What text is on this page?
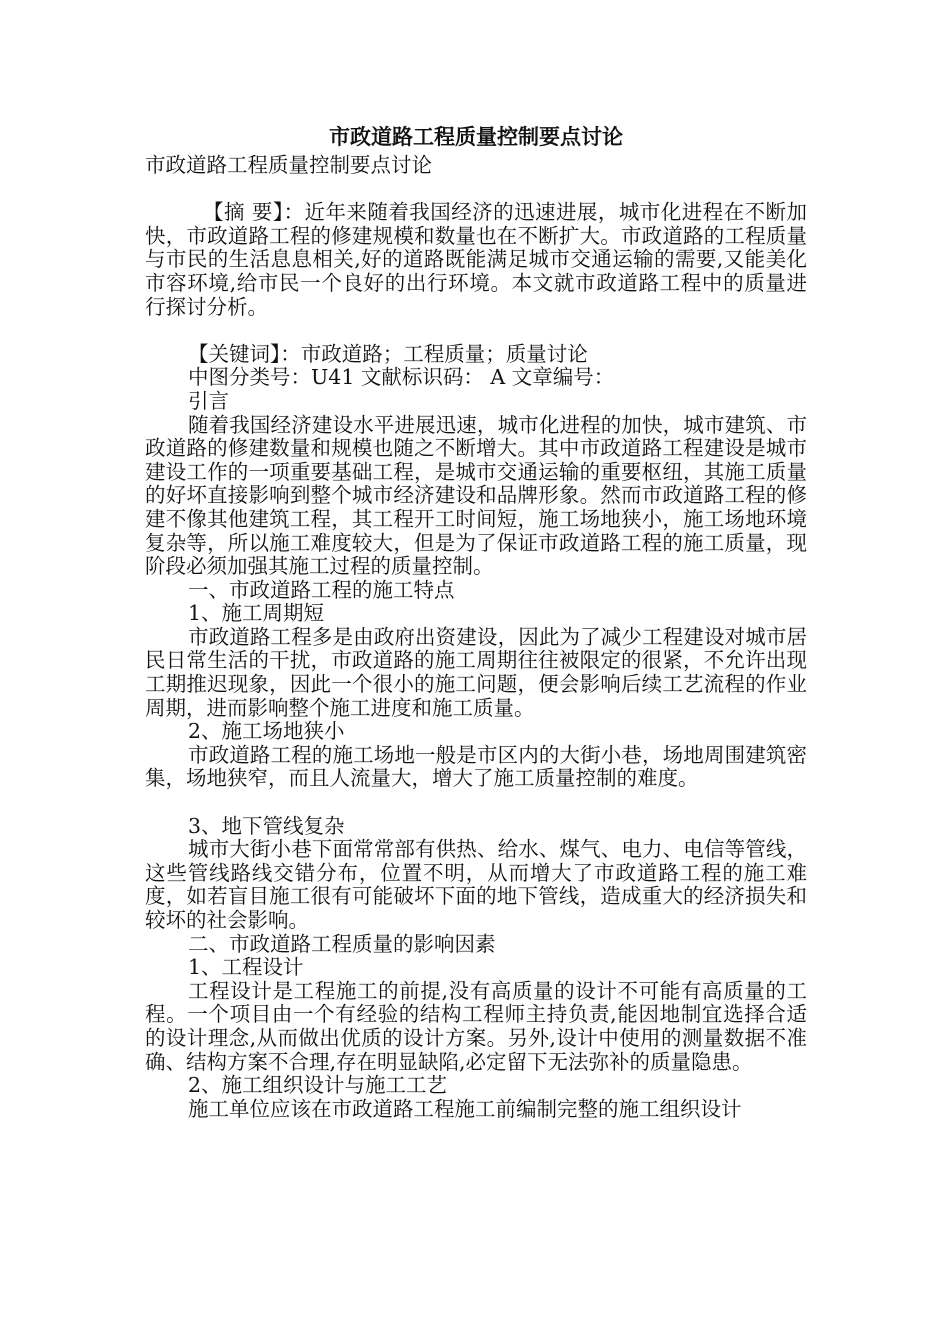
市政道路工程质量控制要点讨论

市政道路工程质量控制要点讨论

【摘 要】：近年来随着我国经济的迅速进展，城市化进程在不断加快，市政道路工程的修建规模和数量也在不断扩大。市政道路的工程质量与市民的生活息息相关,好的道路既能满足城市交通运输的需要,又能美化市容环境,给市民一个良好的出行环境。本文就市政道路工程中的质量进行探讨分析。

【关键词】：市政道路；工程质量；质量讨论

中图分类号：U41 文献标识码： A 文章编号：

引言

随着我国经济建设水平进展迅速，城市化进程的加快，城市建筑、市政道路的修建数量和规模也随之不断增大。其中市政道路工程建设是城市建设工作的一项重要基础工程，是城市交通运输的重要枢纽，其施工质量的好坏直接影响到整个城市经济建设和品牌形象。然而市政道路工程的修建不像其他建筑工程，其工程开工时间短，施工场地狭小，施工场地环境复杂等，所以施工难度较大，但是为了保证市政道路工程的施工质量，现阶段必须加强其施工过程的质量控制。

一、市政道路工程的施工特点

1、施工周期短

市政道路工程多是由政府出资建设，因此为了减少工程建设对城市居民日常生活的干扰，市政道路的施工周期往往被限定的很紧，不允许出现工期推迟现象，因此一个很小的施工问题，便会影响后续工艺流程的作业周期，进而影响整个施工进度和施工质量。

2、施工场地狭小

市政道路工程的施工场地一般是市区内的大街小巷，场地周围建筑密集，场地狭窄，而且人流量大，增大了施工质量控制的难度。

3、地下管线复杂

城市大街小巷下面常常部有供热、给水、煤气、电力、电信等管线，这些管线路线交错分布，位置不明，从而增大了市政道路工程的施工难度，如若盲目施工很有可能破坏下面的地下管线，造成重大的经济损失和较坏的社会影响。

二、市政道路工程质量的影响因素

1、工程设计

工程设计是工程施工的前提,没有高质量的设计不可能有高质量的工程。一个项目由一个有经验的结构工程师主持负责,能因地制宜选择合适的设计理念,从而做出优质的设计方案。另外,设计中使用的测量数据不准确、结构方案不合理,存在明显缺陷,必定留下无法弥补的质量隐患。

2、施工组织设计与施工工艺

施工单位应该在市政道路工程施工前编制完整的施工组织设计
